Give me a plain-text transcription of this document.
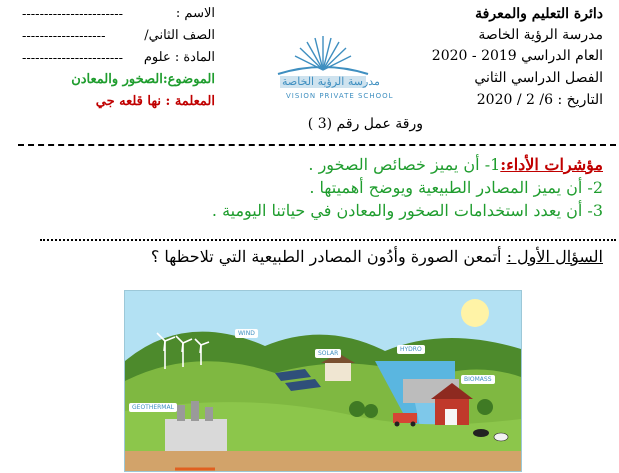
دائرة التعليم والمعرفة
مدرسة الرؤية الخاصة
العام الدراسي 2019 - 2020
الفصل الدراسي الثاني
التاريخ : 6/ 2 / 2020
ورقة عمل رقم (3 )
الاسم :
-----------------------
الصف الثاني/
-------------------
المادة : علوم
-----------------------
الموضوع:الصخور والمعادن
المعلمة : نها قلعه جي
مدرسة الرؤية الخاصة
VISION PRIVATE SCHOOL
مؤشرات الأداء:1- أن يميز خصائص الصخور .
2- أن يميز المصادر الطبيعية ويوضح أهميتها .
3- أن يعدد استخدامات الصخور والمعادن في حياتنا اليومية .
السؤال الأول : أتمعن الصورة وأدُون المصادر الطبيعية التي تلاحظها ؟
WIND
SOLAR
HYDRO
BIOMASS
GEOTHERMAL
